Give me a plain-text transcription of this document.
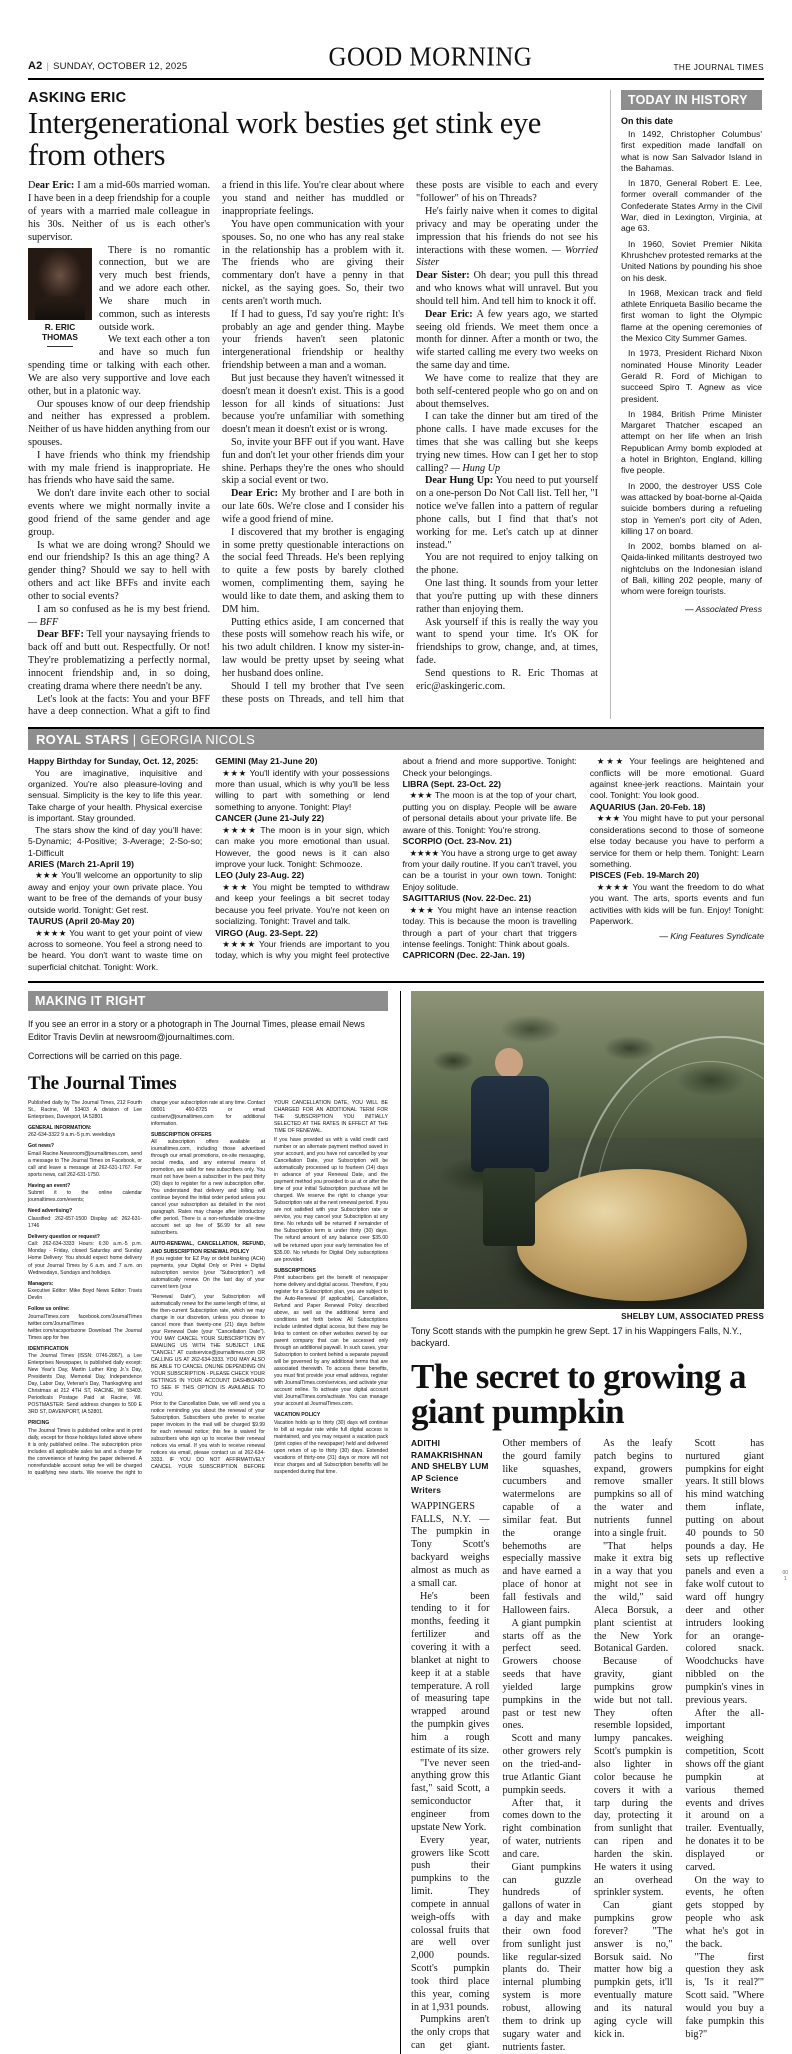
A2 | SUNDAY, OCTOBER 12, 2025	GOOD MORNING	THE JOURNAL TIMES
ASKING ERIC
Intergenerational work besties get stink eye from others

Dear Eric: I am a mid-60s married woman. I have been in a deep friendship for a couple of years with a married male colleague in his 30s. Neither of us is each other's supervisor.

R. ERIC
THOMAS

There is no romantic connection, but we are very much best friends, and we adore each other. We share much in common, such as interests outside work.

We text each other a ton and have so much fun spending time or talking with each other. We are also very supportive and love each other, but in a platonic way.

Our spouses know of our deep friendship and neither has expressed a problem. Neither of us have hidden anything from our spouses.

I have friends who think my friendship with my male friend is inappropriate. He has friends who have said the same.

We don't dare invite each other to social events where we might normally invite a good friend of the same gender and age group.

Is what we are doing wrong? Should we end our friendship? Is this an age thing? A gender thing? Should we say to hell with others and act like BFFs and invite each other to social events?

I am so confused as he is my best friend. — BFF

Dear BFF: Tell your naysaying friends to back off and butt out. Respectfully. Or not! They're problematizing a perfectly normal, innocent friendship and, in so doing, creating drama where there needn't be any.

Let's look at the facts: You and your BFF have a deep connection. What a gift to find a friend in this life. You're clear about where you stand and neither has muddled or inappropriate feelings.

You have open communication with your spouses. So, no one who has any real stake in the relationship has a problem with it. The friends who are giving their commentary don't have a penny in that nickel, as the saying goes. So, their two cents aren't worth much.

If I had to guess, I'd say you're right: It's probably an age and gender thing. Maybe your friends haven't seen platonic intergenerational friendship or healthy friendship between a man and a woman.

But just because they haven't witnessed it doesn't mean it doesn't exist. This is a good lesson for all kinds of situations: Just because you're unfamiliar with something doesn't mean it doesn't exist or is wrong.

So, invite your BFF out if you want. Have fun and don't let your other friends dim your shine. Perhaps they're the ones who should skip a social event or two.

Dear Eric: My brother and I are both in our late 60s. We're close and I consider his wife a good friend of mine.

I discovered that my brother is engaging in some pretty questionable interactions on the social feed Threads. He's been replying to quite a few posts by barely clothed women, complimenting them, saying he would like to date them, and asking them to DM him.

Putting ethics aside, I am concerned that these posts will somehow reach his wife, or his two adult children. I know my sister-in-law would be pretty upset by seeing what her husband does online.

Should I tell my brother that I've seen these posts on Threads, and tell him that these posts are visible to each and every "follower" of his on Threads?

He's fairly naive when it comes to digital privacy and may be operating under the impression that his friends do not see his interactions with these women. — Worried Sister

Dear Sister: Oh dear; you pull this thread and who knows what will unravel. But you should tell him. And tell him to knock it off.

Dear Eric: A few years ago, we started seeing old friends. We meet them once a month for dinner. After a month or two, the wife started calling me every two weeks on the same day and time.

We have come to realize that they are both self-centered people who go on and on about themselves.

I can take the dinner but am tired of the phone calls. I have made excuses for the times that she was calling but she keeps trying new times. How can I get her to stop calling? — Hung Up

Dear Hung Up: You need to put yourself on a one-person Do Not Call list. Tell her, "I notice we've fallen into a pattern of regular phone calls, but I find that that's not working for me. Let's catch up at dinner instead."

You are not required to enjoy talking on the phone.

One last thing. It sounds from your letter that you're putting up with these dinners rather than enjoying them.

Ask yourself if this is really the way you want to spend your time. It's OK for friendships to grow, change, and, at times, fade.

Send questions to R. Eric Thomas at eric@askingeric.com.

TODAY IN HISTORY
On this date

In 1492, Christopher Columbus' first expedition made landfall on what is now San Salvador Island in the Bahamas.

In 1870, General Robert E. Lee, former overall commander of the Confederate States Army in the Civil War, died in Lexington, Virginia, at age 63.

In 1960, Soviet Premier Nikita Khrushchev protested remarks at the United Nations by pounding his shoe on his desk.

In 1968, Mexican track and field athlete Enriqueta Basilio became the first woman to light the Olympic flame at the opening ceremonies of the Mexico City Summer Games.

In 1973, President Richard Nixon nominated House Minority Leader Gerald R. Ford of Michigan to succeed Spiro T. Agnew as vice president.

In 1984, British Prime Minister Margaret Thatcher escaped an attempt on her life when an Irish Republican Army bomb exploded at a hotel in Brighton, England, killing five people.

In 2000, the destroyer USS Cole was attacked by boat-borne al-Qaida suicide bombers during a refueling stop in Yemen's port city of Aden, killing 17 on board.

In 2002, bombs blamed on al-Qaida-linked militants destroyed two nightclubs on the Indonesian island of Bali, killing 202 people, many of whom were foreign tourists.

— Associated Press

ROYAL STARS | GEORGIA NICOLS

Happy Birthday for Sunday, Oct. 12, 2025:

You are imaginative, inquisitive and organized. You're also pleasure-loving and sensual. Simplicity is the key to life this year. Take charge of your health. Physical exercise is important. Stay grounded.

The stars show the kind of day you'll have: 5-Dynamic; 4-Positive; 3-Average; 2-So-so; 1-Difficult

ARIES (March 21-April 19)

★★★ You'll welcome an opportunity to slip away and enjoy your own private place. You want to be free of the demands of your busy outside world. Tonight: Get rest.

TAURUS (April 20-May 20)

★★★★ You want to get your point of view across to someone. You feel a strong need to be heard. You don't want to waste time on superficial chitchat. Tonight: Work.

GEMINI (May 21-June 20)

★★★ You'll identify with your possessions more than usual, which is why you'll be less willing to part with something or lend something to anyone. Tonight: Play!

CANCER (June 21-July 22)

★★★★ The moon is in your sign, which can make you more emotional than usual. However, the good news is it can also improve your luck. Tonight: Schmooze.

LEO (July 23-Aug. 22)

★★★ You might be tempted to withdraw and keep your feelings a bit secret today because you feel private. You're not keen on socializing. Tonight: Travel and talk.

VIRGO (Aug. 23-Sept. 22)

★★★★ Your friends are important to you today, which is why you might feel protective about a friend and more supportive. Tonight: Check your belongings.

LIBRA (Sept. 23-Oct. 22)

★★★ The moon is at the top of your chart, putting you on display. People will be aware of personal details about your private life. Be aware of this. Tonight: You're strong.

SCORPIO (Oct. 23-Nov. 21)

★★★★ You have a strong urge to get away from your daily routine. If you can't travel, you can be a tourist in your own town. Tonight: Enjoy solitude.

SAGITTARIUS (Nov. 22-Dec. 21)

★★★ You might have an intense reaction today. This is because the moon is travelling through a part of your chart that triggers intense feelings. Tonight: Think about goals.

CAPRICORN (Dec. 22-Jan. 19)

★★★ Your feelings are heightened and conflicts will be more emotional. Guard against knee-jerk reactions. Maintain your cool. Tonight: You look good.

AQUARIUS (Jan. 20-Feb. 18)

★★★ You might have to put your personal considerations second to those of someone else today because you have to perform a service for them or help them. Tonight: Learn something.

PISCES (Feb. 19-March 20)

★★★★ You want the freedom to do what you want. The arts, sports events and fun activities with kids will be fun. Enjoy! Tonight: Paperwork.

— King Features Syndicate

MAKING IT RIGHT

If you see an error in a story or a photograph in The Journal Times, please email News Editor Travis Devlin at newsroom@journaltimes.com.

Corrections will be carried on this page.

The Journal Times

Published daily by The Journal Times, 212 Fourth St., Racine, WI 53403 A division of Lee Enterprises, Davenport, IA 52801

GENERAL INFORMATION:

262-634-3322 9 a.m.-5 p.m. weekdays

Got news?

Email Racine.Newsroom@journaltimes.com, send a message to The Journal Times on Facebook, or call and leave a message at 262-631-1767. For sports news, call 262-631-1750.

Having an event?

Submit it to the online calendar journaltimes.com/events;

Need advertising?

Classified: 262-657-1500 Display ad: 262-631-1746

Delivery question or request?

Call: 262-634-3333 Hours: 6:30 a.m.-5 p.m. Monday - Friday, closed Saturday and Sunday Home Delivery: You should expect home delivery of your Journal Times by 6 a.m. and 7 a.m. on Wednesdays, Sundays and holidays.

Managers:

Executive Editor: Mike Boyd News Editor: Travis Devlin

Follow us online:

JournalTimes.com facebook.com/JournalTimes twitter.com/JournalTimes twitter.com/racsportszone Download The Journal Times app for free

IDENTIFICATION

The Journal Times (ISSN: 0746-2867), a Lee Enterprises Newspaper, is published daily except: New Year's Day, Martin Luther King Jr.'s Day, Presidents Day, Memorial Day, Independence Day, Labor Day, Veteran's Day, Thanksgiving and Christmas at 212 4TH ST, RACINE, WI 53403. Periodicals Postage Paid at Racine, WI. POSTMASTER: Send address changes to 500 E 3RD ST, DAVENPORT, IA 52801.

PRICING

The Journal Times is published online and in print daily, except for those holidays listed above where it is only published online. The subscription price includes all applicable sales tax and a charge for the convenience of having the paper delivered. A nonrefundable account setup fee will be charged to qualifying new starts. We reserve the right to change your subscription rate at any time. Contact 08001 460-8725 or email custserv@journaltimes.com for additional information.

SUBSCRIPTION OFFERS

All subscription offers available at iournaltimes.com, including those advertised through our email promotions, on-site messaging, social media, and any external means of promotion, are valid for new subscribers only. You must not have been a subscriber in the past thirty (30) days to register for a new subscription offer. You understand that delivery and billing will continue beyond the initial order period unless you cancel your subscription as detailed in the next paragraph. Rates may change after introductory offer period. There is a non-refundable one-time account set up fee of $6.99 for all new subscribers.

AUTO-RENEWAL, CANCELLATION, REFUND, AND SUBSCRIPTION RENEWAL POLICY

If you register for EZ Pay or debit banking (ACH) payments, your Digital Only or Print + Digital subscription service (your "Subscription") will automatically renew. On the last day of your current term (your

"Renewal Date"), your Subscription will automatically renew for the same length of time, at the then-current Subscription rate, which we may change in our discretion, unless you choose to cancel more than twenty-one (21) days before your Renewal Date (your "Cancellation Date"). YOU MAY CANCEL YOUR SUBSCRIPTION BY EMAILING US WITH THE SUBJECT LINE "CANCEL" AT custservice@journaltimes.com OR CALLING US AT 262-634-3333. YOU MAY ALSO BE ABLE TO CANCEL ONLINE DEPENDING ON YOUR SUBSCRIPTION - PLEASE CHECK YOUR SETTINGS IN YOUR ACCOUNT DASHBOARD TO SEE IF THIS OPTION IS AVAILABLE TO YOU.

Prior to the Cancellation Date, we will send you a notice reminding you about the renewal of your Subscription. Subscribers who prefer to receive paper invoices in the mail will be charged $9.99 for each renewal notice; this fee is waived for subscribers who sign up to receive their renewal notices via email. If you wish to receive renewal notices via email, please contact us at 262-634-3333. IF YOU DO NOT AFFIRMATIVELY CANCEL YOUR SUBSCRIPTION BEFORE YOUR CANCELLATION DATE, YOU WILL BE CHARGED FOR AN ADDITIONAL TERM FOR THE SUBSCRIPTION YOU INITIALLY SELECTED AT THE RATES IN EFFECT AT THE TIME OF RENEWAL.

If you have provided us with a valid credit card number or an alternate payment method saved in your account, and you have not cancelled by your Cancellation Date, your Subscription will be automatically processed up to fourteen (14) days in advance of your Renewal Date, and the payment method you provided to us at or after the time of your initial Subscription purchase will be charged. We reserve the right to change your Subscription rate at the next renewal period. If you are not satisfied with your Subscription rate or service, you may cancel your Subscription at any time. No refunds will be returned if remainder of the Subscription term is under thirty (30) days. The refund amount of any balance over $35.00 will be returned upon your early termination fee of $35.00. No refunds for Digital Only subscriptions are provided.

SUBSCRIPTIONS

Print subscribers get the benefit of newspaper home delivery and digital access. Therefore, if you register for a Subscription plan, you are subject to the Auto-Renewal (if applicable), Cancellation, Refund and Paper Renewal Policy described above, as well as the additional terms and conditions set forth below. All Subscriptions include unlimited digital access, but there may be links to content on other websites owned by our parent company that can be accessed only through an additional paywall. In such cases, your Subscription to content behind a separate paywall will be governed by any additional terms that are associated therewith. To access these benefits, you must first provide your email address, register with JournalTimes.com/services, and activate your account online. To activate your digital account visit JournalTimes.com/activate. You can manage your account at JournalTimes.com.

VACATION POLICY

Vacation holds up to thirty (30) days will continue to bill at regular rate while full digital access is maintained, and you may request a vacation pack (print copies of the newspaper) held and delivered upon return of up to thirty (30) days. Extended vacations of thirty-one (31) days or more will not incur charges and all Subscription benefits will be suspended during that time.

SHELBY LUM, ASSOCIATED PRESS

Tony Scott stands with the pumpkin he grew Sept. 17 in his Wappingers Falls, N.Y., backyard.

The secret to growing a giant pumpkin
ADITHI RAMAKRISHNAN AND SHELBY LUM
AP Science Writers

WAPPINGERS FALLS, N.Y. — The pumpkin in Tony Scott's backyard weighs almost as much as a small car.

He's been tending to it for months, feeding it fertilizer and covering it with a blanket at night to keep it at a stable temperature. A roll of measuring tape wrapped around the pumpkin gives him a rough estimate of its size.

"I've never seen anything grow this fast," said Scott, a semiconductor engineer from upstate New York.

Every year, growers like Scott push their pumpkins to the limit. They compete in annual weigh-offs with colossal fruits that are well over 2,000 pounds. Scott's pumpkin took third place this year, coming in at 1,931 pounds.

Pumpkins aren't the only crops that can get giant. Other members of the gourd family like squashes, cucumbers and watermelons are capable of a similar feat. But the orange behemoths are especially massive and have earned a place of honor at fall festivals and Halloween fairs.

A giant pumpkin starts off as the perfect seed. Growers choose seeds that have yielded large pumpkins in the past or test new ones.

Scott and many other growers rely on the tried-and-true Atlantic Giant pumpkin seeds.

After that, it comes down to the right combination of water, nutrients and care.

Giant pumpkins can guzzle hundreds of gallons of water in a day and make their own food from sunlight just like regular-sized plants do. Their internal plumbing system is more robust, allowing them to drink up sugary water and nutrients faster.

As the leafy patch begins to expand, growers remove smaller pumpkins so all of the water and nutrients funnel into a single fruit.

"That helps make it extra big in a way that you might not see in the wild," said Aleca Borsuk, a plant scientist at the New York Botanical Garden.

Because of gravity, giant pumpkins grow wide but not tall. They often resemble lopsided, lumpy pancakes. Scott's pumpkin is also lighter in color because he covers it with a tarp during the day, protecting it from sunlight that can ripen and harden the skin. He waters it using an overhead sprinkler system.

Can giant pumpkins grow forever? "The answer is no," Borsuk said. No matter how big a pumpkin gets, it'll eventually mature and its natural aging cycle will kick in.

Scott has nurtured giant pumpkins for eight years. It still blows his mind watching them inflate, putting on about 40 pounds to 50 pounds a day. He sets up reflective panels and even a fake wolf cutout to ward off hungry deer and other intruders looking for an orange-colored snack. Woodchucks have nibbled on the pumpkin's vines in previous years.

After the all-important weighing competition, Scott shows off the giant pumpkin at various themed events and drives it around on a trailer. Eventually, he donates it to be displayed or carved.

On the way to events, he often gets stopped by people who ask what he's got in the back.

"The first question they ask is, 'Is it real?'" Scott said. "Where would you buy a fake pumpkin this big?"

00
1
